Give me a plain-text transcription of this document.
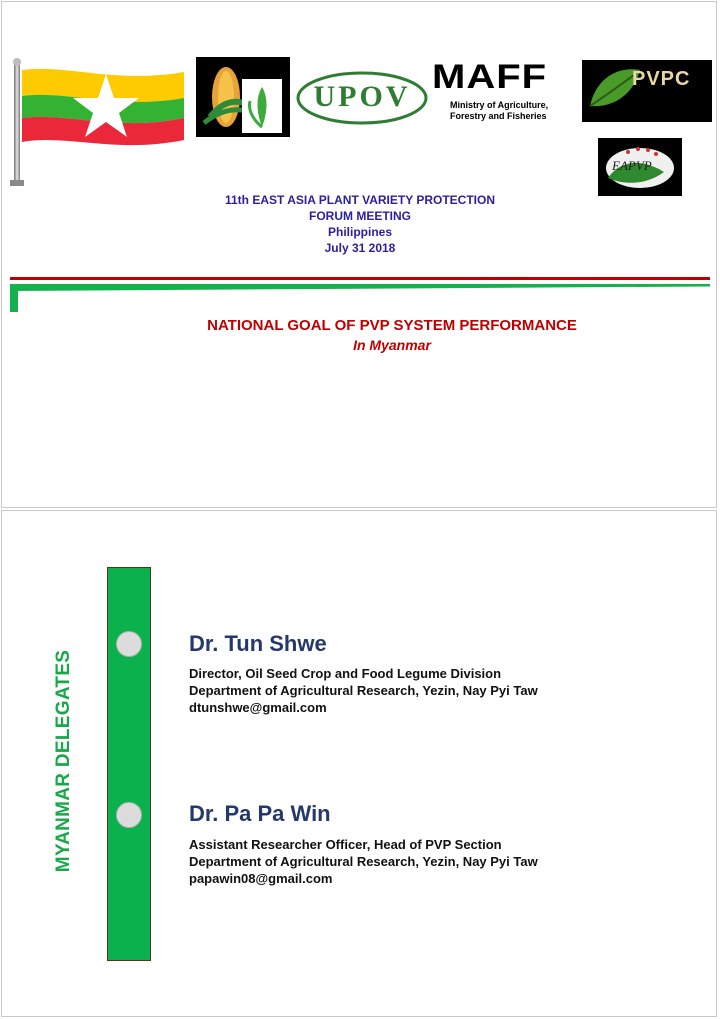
UPOV
MAFF
Ministry of Agriculture,
Forestry and Fisheries
PVPC
EAPVP
11th EAST ASIA PLANT VARIETY PROTECTION
FORUM MEETING
Philippines
July 31 2018
NATIONAL GOAL OF PVP SYSTEM PERFORMANCE
In Myanmar
MYANMAR DELEGATES
Dr. Tun Shwe
Director, Oil Seed Crop and Food Legume Division
Department of Agricultural Research, Yezin, Nay Pyi Taw
dtunshwe@gmail.com
Dr. Pa Pa Win
Assistant Researcher Officer, Head of PVP Section
Department of Agricultural Research, Yezin, Nay Pyi Taw
papawin08@gmail.com
